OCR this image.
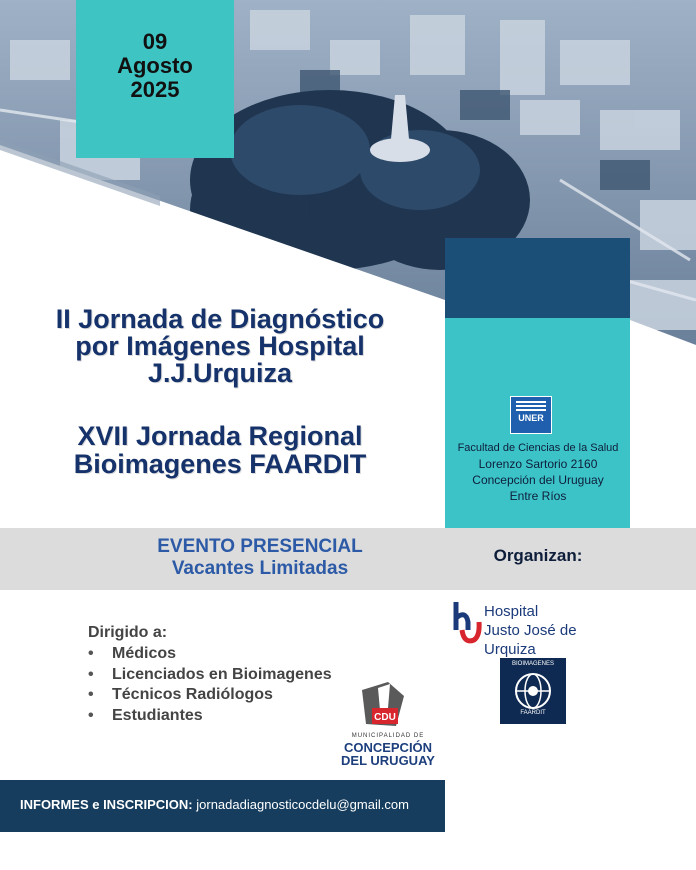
09
Agosto
2025
II Jornada de Diagnóstico
por Imágenes Hospital
J.J.Urquiza
XVII Jornada Regional
Bioimagenes FAARDIT
EVENTO PRESENCIAL
Vacantes Limitadas
UNER
Facultad de Ciencias de la Salud
Lorenzo Sartorio 2160
Concepción del Uruguay
Entre Ríos
Organizan:
Hospital
Justo José de Urquiza
BIOIMAGENES
FAARDIT
Dirigido a:
• Médicos
• Licenciados en Bioimagenes
• Técnicos Radiólogos
• Estudiantes	CDU
MUNICIPALIDAD DE
CONCEPCIÓN
DEL URUGUAY
INFORMES e INSCRIPCION: jornadadiagnosticocdelu@gmail.com
